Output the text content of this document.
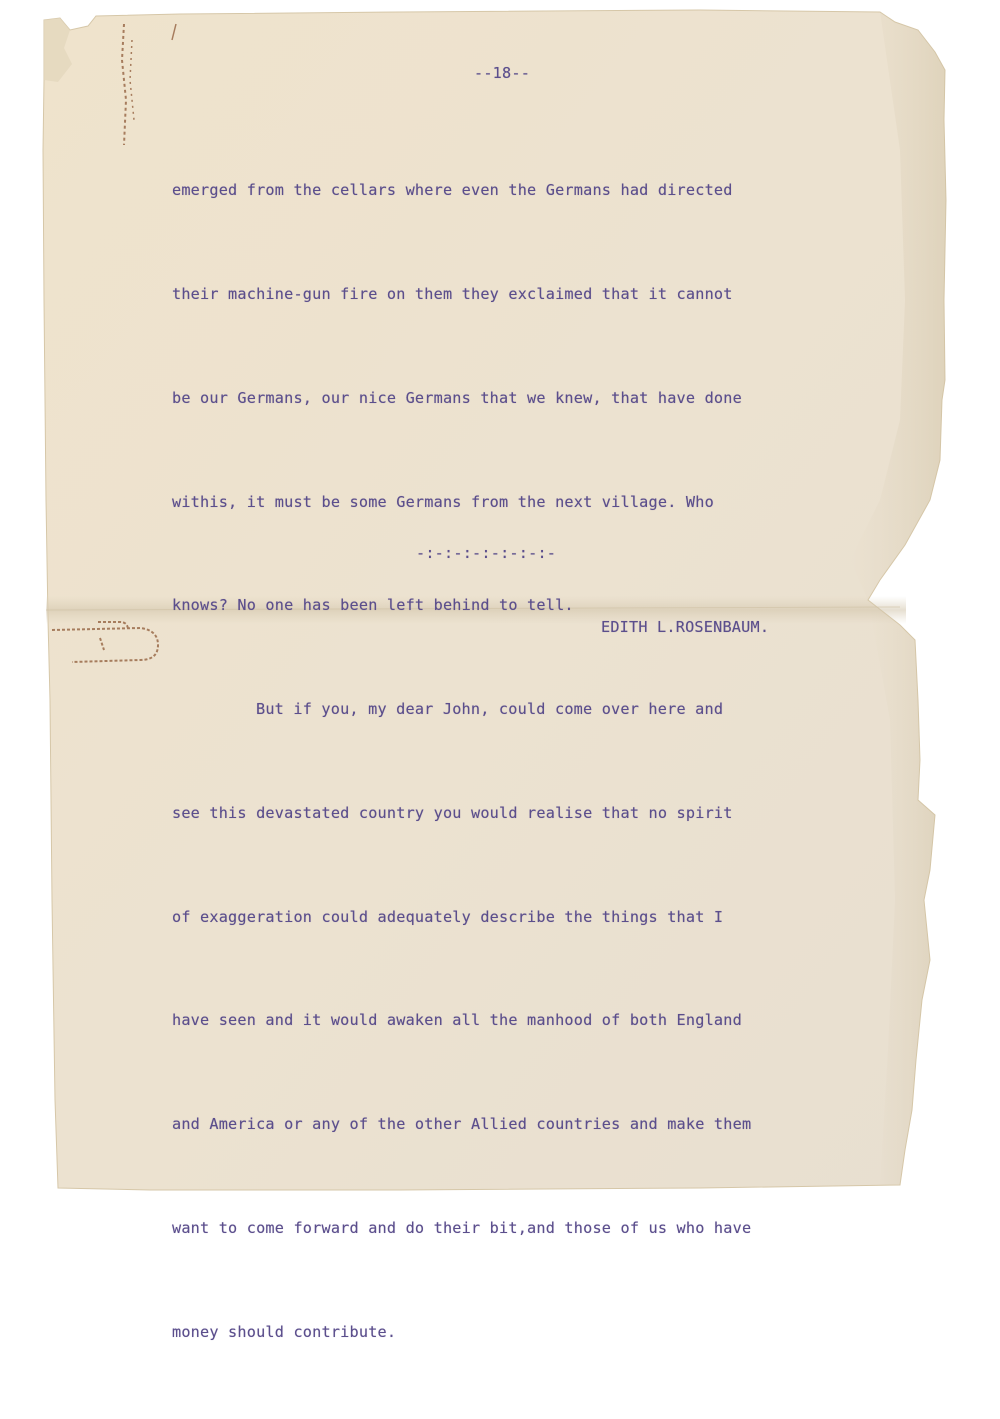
--18--

emerged from the cellars where even the Germans had directed

their machine-gun fire on them they exclaimed that it cannot

be our Germans, our nice Germans that we knew, that have done

withis, it must be some Germans from the next village. Who

knows? No one has been left behind to tell.

But if you, my dear John, could come over here and

see this devastated country you would realise that no spirit

of exaggeration could adequately describe the things that I

have seen and it would awaken all the manhood of both England

and America or any of the other Allied countries and make them

want to come forward and do their bit,and those of us who have

money should contribute.

-:-:-:-:-:-:-:-
EDITH L.ROSENBAUM.
